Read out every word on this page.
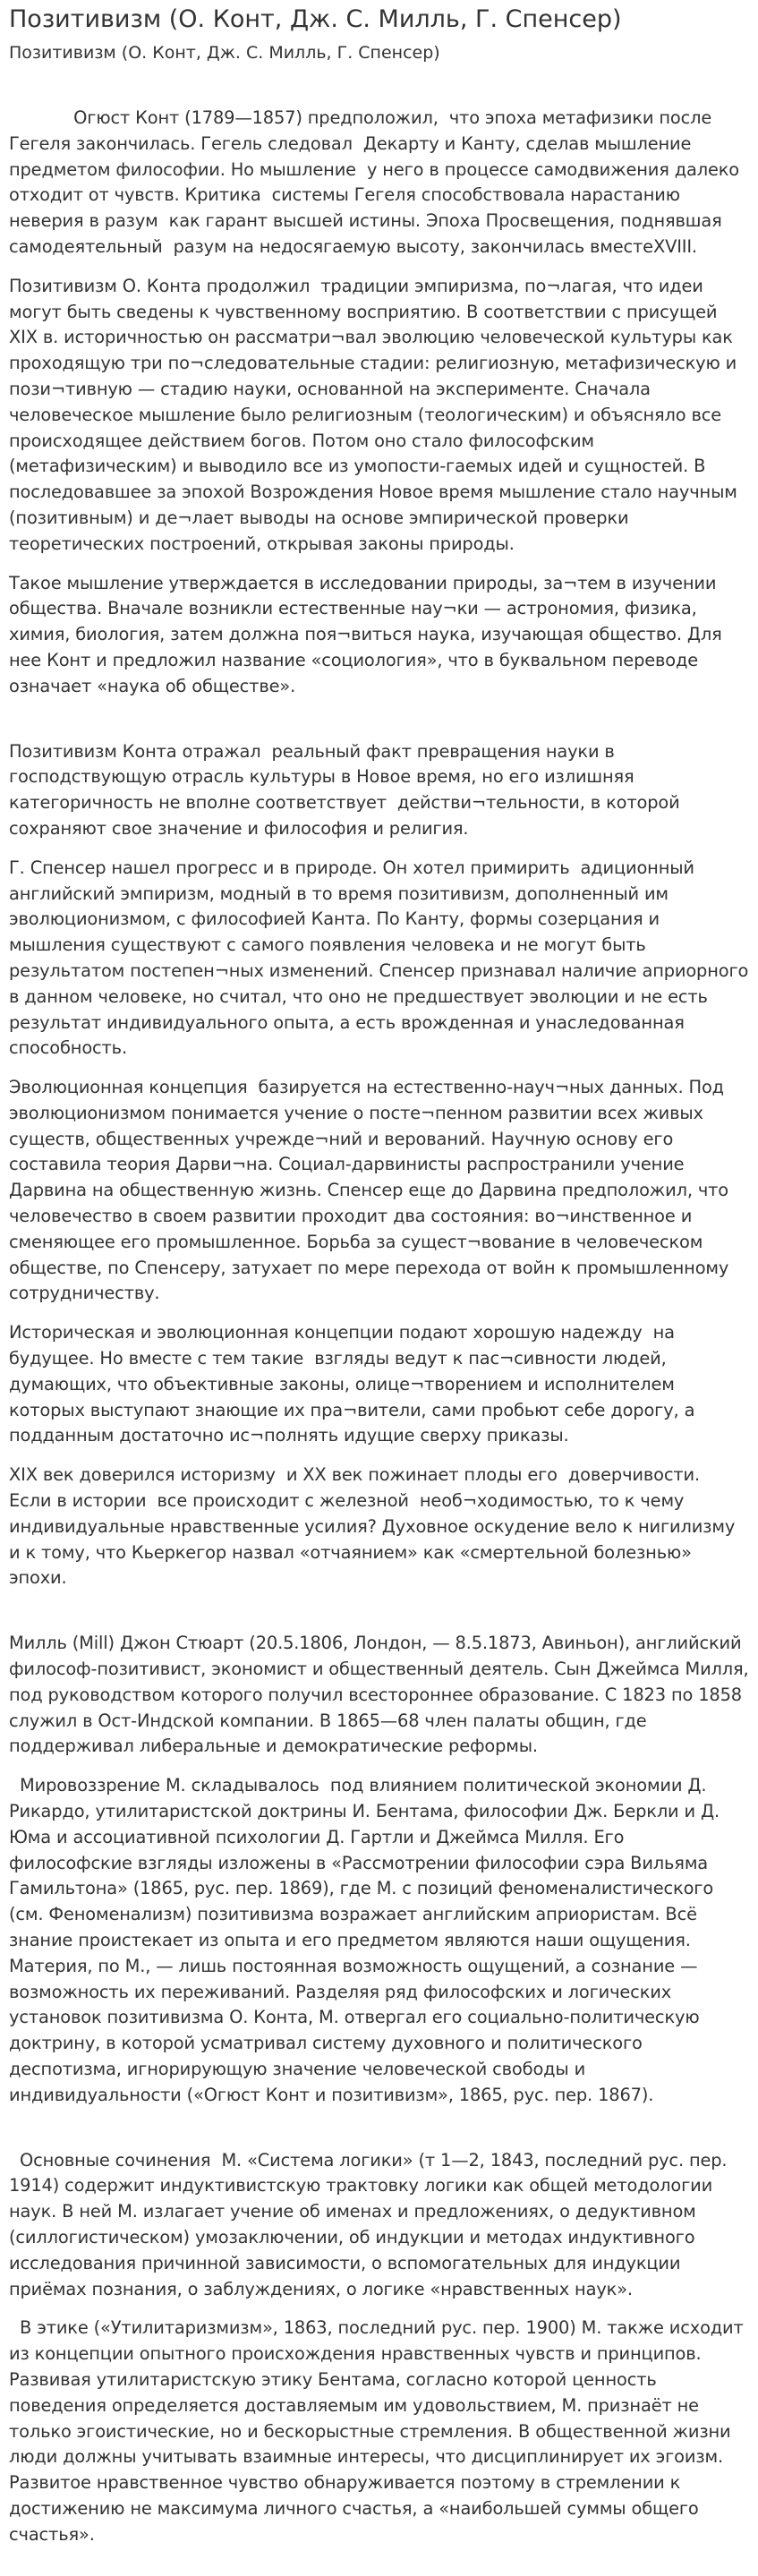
Позитивизм (О. Конт, Дж. С. Милль, Г. Спенсер)
Позитивизм (О. Конт, Дж. С. Милль, Г. Спенсер)

Огюст Конт (1789—1857) предположил,  что эпоха метафизики после Гегеля закончилась. Гегель следовал  Декарту и Канту, сделав мышление предметом философии. Но мышление  у него в процессе самодвижения далеко отходит от чувств. Критика  системы Гегеля способствовала нарастанию неверия в разум  как гарант высшей истины. Эпоха Просвещения, поднявшая самодеятельный  разум на недосягаемую высоту, закончилась вместеXVIII.

Позитивизм О. Конта продолжил  традиции эмпиризма, по¬лагая, что идеи могут быть сведены к чувственному восприятию. В соответствии с присущей XIX в. историчностью он рассматри¬вал эволюцию человеческой культуры как проходящую три по¬следовательные стадии: религиозную, метафизическую и пози¬тивную — стадию науки, основанной на эксперименте. Сначала человеческое мышление было религиозным (теологическим) и объясняло все происходящее действием богов. Потом оно стало философским (метафизическим) и выводило все из умопости-гаемых идей и сущностей. В последовавшее за эпохой Возрождения Новое время мышление стало научным (позитивным) и де¬лает выводы на основе эмпирической проверки теоретических построений, открывая законы природы.

Такое мышление утверждается в исследовании природы, за¬тем в изучении общества. Вначале возникли естественные нау¬ки — астрономия, физика, химия, биология, затем должна поя¬виться наука, изучающая общество. Для нее Конт и предложил название «социология», что в буквальном переводе означает «наука об обществе».

Позитивизм Конта отражал  реальный факт превращения науки в господствующую отрасль культуры в Новое время, но его излишняя категоричность не вполне соответствует  действи¬тельности, в которой сохраняют свое значение и философия и религия.

Г. Спенсер нашел прогресс и в природе. Он хотел примирить  адиционный английский эмпиризм, модный в то время позитивизм, дополненный им эволюционизмом, с философией Канта. По Канту, формы созерцания и мышления существуют с самого появления человека и не могут быть результатом постепен¬ных изменений. Спенсер признавал наличие априорного в данном человеке, но считал, что оно не предшествует эволюции и не есть результат индивидуального опыта, а есть врожденная и унаследованная способность.

Эволюционная концепция  базируется на естественно-науч¬ных данных. Под эволюционизмом понимается учение о посте¬пенном развитии всех живых существ, общественных учрежде¬ний и верований. Научную основу его составила теория Дарви¬на. Социал-дарвинисты распространили учение Дарвина на общественную жизнь. Спенсер еще до Дарвина предположил, что человечество в своем развитии проходит два состояния: во¬инственное и сменяющее его промышленное. Борьба за сущест¬вование в человеческом обществе, по Спенсеру, затухает по мере перехода от войн к промышленному сотрудничеству.

Историческая и эволюционная концепции подают хорошую надежду  на будущее. Но вместе с тем такие  взгляды ведут к пас¬сивности людей, думающих, что объективные законы, олице¬творением и исполнителем которых выступают знающие их пра¬вители, сами пробьют себе дорогу, а подданным достаточно ис¬полнять идущие сверху приказы.

XIX век доверился историзму  и XX век пожинает плоды его  доверчивости.  Если в истории  все происходит с железной  необ¬ходимостью, то к чему индивидуальные нравственные усилия? Духовное оскудение вело к нигилизму и к тому, что Кьеркегор назвал «отчаянием» как «смертельной болезнью» эпохи.

Милль (Mill) Джон Стюарт (20.5.1806, Лондон, — 8.5.1873, Авиньон), английский философ-позитивист, экономист и общественный деятель. Сын Джеймса Милля, под руководством которого получил всестороннее образование. С 1823 по 1858 служил в Ост-Индской компании. В 1865—68 член палаты общин, где поддерживал либеральные и демократические реформы.

Мировоззрение М. складывалось  под влиянием политической экономии Д. Рикардо, утилитаристской доктрины И. Бентама, философии Дж. Беркли и Д. Юма и ассоциативной психологии Д. Гартли и Джеймса Милля. Его философские взгляды изложены в «Рассмотрении философии сэра Вильяма Гамильтона» (1865, рус. пер. 1869), где М. с позиций феноменалистического (см. Феноменализм) позитивизма возражает английским априористам. Всё знание проистекает из опыта и его предметом являются наши ощущения. Материя, по М., — лишь постоянная возможность ощущений, а сознание — возможность их переживаний. Разделяя ряд философских и логических установок позитивизма О. Конта, М. отвергал его социально-политическую доктрину, в которой усматривал систему духовного и политического деспотизма, игнорирующую значение человеческой свободы и индивидуальности («Огюст Конт и позитивизм», 1865, рус. пер. 1867).

Основные сочинения  М. «Система логики» (т 1—2, 1843, последний рус. пер. 1914) содержит индуктивистскую трактовку логики как общей методологии наук. В ней М. излагает учение об именах и предложениях, о дедуктивном (силлогистическом) умозаключении, об индукции и методах индуктивного исследования причинной зависимости, о вспомогательных для индукции приёмах познания, о заблуждениях, о логике «нравственных наук».

В этике («Утилитаризмизм», 1863, последний рус. пер. 1900) М. также исходит из концепции опытного происхождения нравственных чувств и принципов. Развивая утилитаристскую этику Бентама, согласно которой ценность поведения определяется доставляемым им удовольствием, М. признаёт не только эгоистические, но и бескорыстные стремления. В общественной жизни люди должны учитывать взаимные интересы, что дисциплинирует их эгоизм. Развитое нравственное чувство обнаруживается поэтому в стремлении к достижению не максимума личного счастья, а «наибольшей суммы общего счастья».
